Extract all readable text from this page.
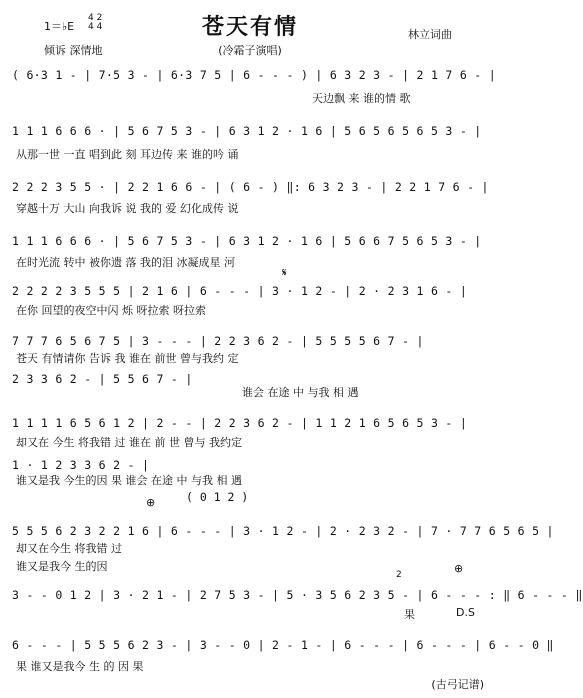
苍天有情
(冷霜子演唱)
1＝♭E
4 2
4 4
倾诉 深情地
林立词曲
( 6·3 1 - | 7·5 3 - | 6·3 7 5 | 6 - - - ) | 6 3 2 3 - | 2 1 7 6 - |
天边飘 来 谁的情 歌
1 1 1 6 6 6 · | 5 6 7 5 3 - | 6 3 1 2 · 1 6 | 5 6 5 6 5 6 5 3 - |
从那一世 一直 唱到此 刻 耳边传 来 谁的吟 诵
2 2 2 3 5 5 · | 2 2 1 6 6 - | ( 6 - ) ‖: 6 3 2 3 - | 2 2 1 7 6 - |
穿越十万 大山 向我诉 说 我的 爱 幻化成传 说
1 1 1 6 6 6 · | 5 6 7 5 3 - | 6 3 1 2 · 1 6 | 5 6 6 7 5 6 5 3 - |
在时光流 转中 被你遗 落 我的泪 冰凝成星 河
𝄋
2 2 2 2 3 5 5 5 | 2 1 6 | 6 - - - | 3 · 1 2 - | 2 · 2 3 1 6 - |
在你 回望的夜空中闪 烁 呀拉索 呀拉索
7 7 7 6 5 6 7 5 | 3 - - - | 2 2 3 6 2 - | 5 5 5 5 6 7 - |
苍天 有情请你 告诉 我 谁在 前世 曾与我约 定
2 3 3 6 2 - | 5 5 6 7 - |
谁会 在途 中 与我 相 遇
1 1 1 1 6 5 6 1 2 | 2 - - | 2 2 3 6 2 - | 1 1 2 1 6 5 6 5 3 - |
却又在 今生 将我错 过 谁在 前 世 曾与 我约定
1 · 1 2 3 3 6 2 - |
谁又是我 今生的因 果 谁会 在途 中 与我 相 遇
⊕	( 0 1 2 )
5 5 5 6 2 3 2 2 1 6 | 6 - - - | 3 · 1 2 - | 2 · 2 3 2 - | 7 · 7 7 6 5 6 5 |
却又在今生 将我错 过
谁又是我今 生的因
2	⊕
3 - - 0 1 2 | 3 · 2 1 - | 2 7 5 3 - | 5 · 3 5 6 2 3 5 - | 6 - - - : ‖ 6 - - - ‖
果	D.S
6 - - - | 5 5 5 6 2 3 - | 3 - - 0 | 2 - 1 - | 6 - - - | 6 - - - | 6 - - 0 ‖
果 谁又是我今 生 的 因 果
(古弓记谱)
